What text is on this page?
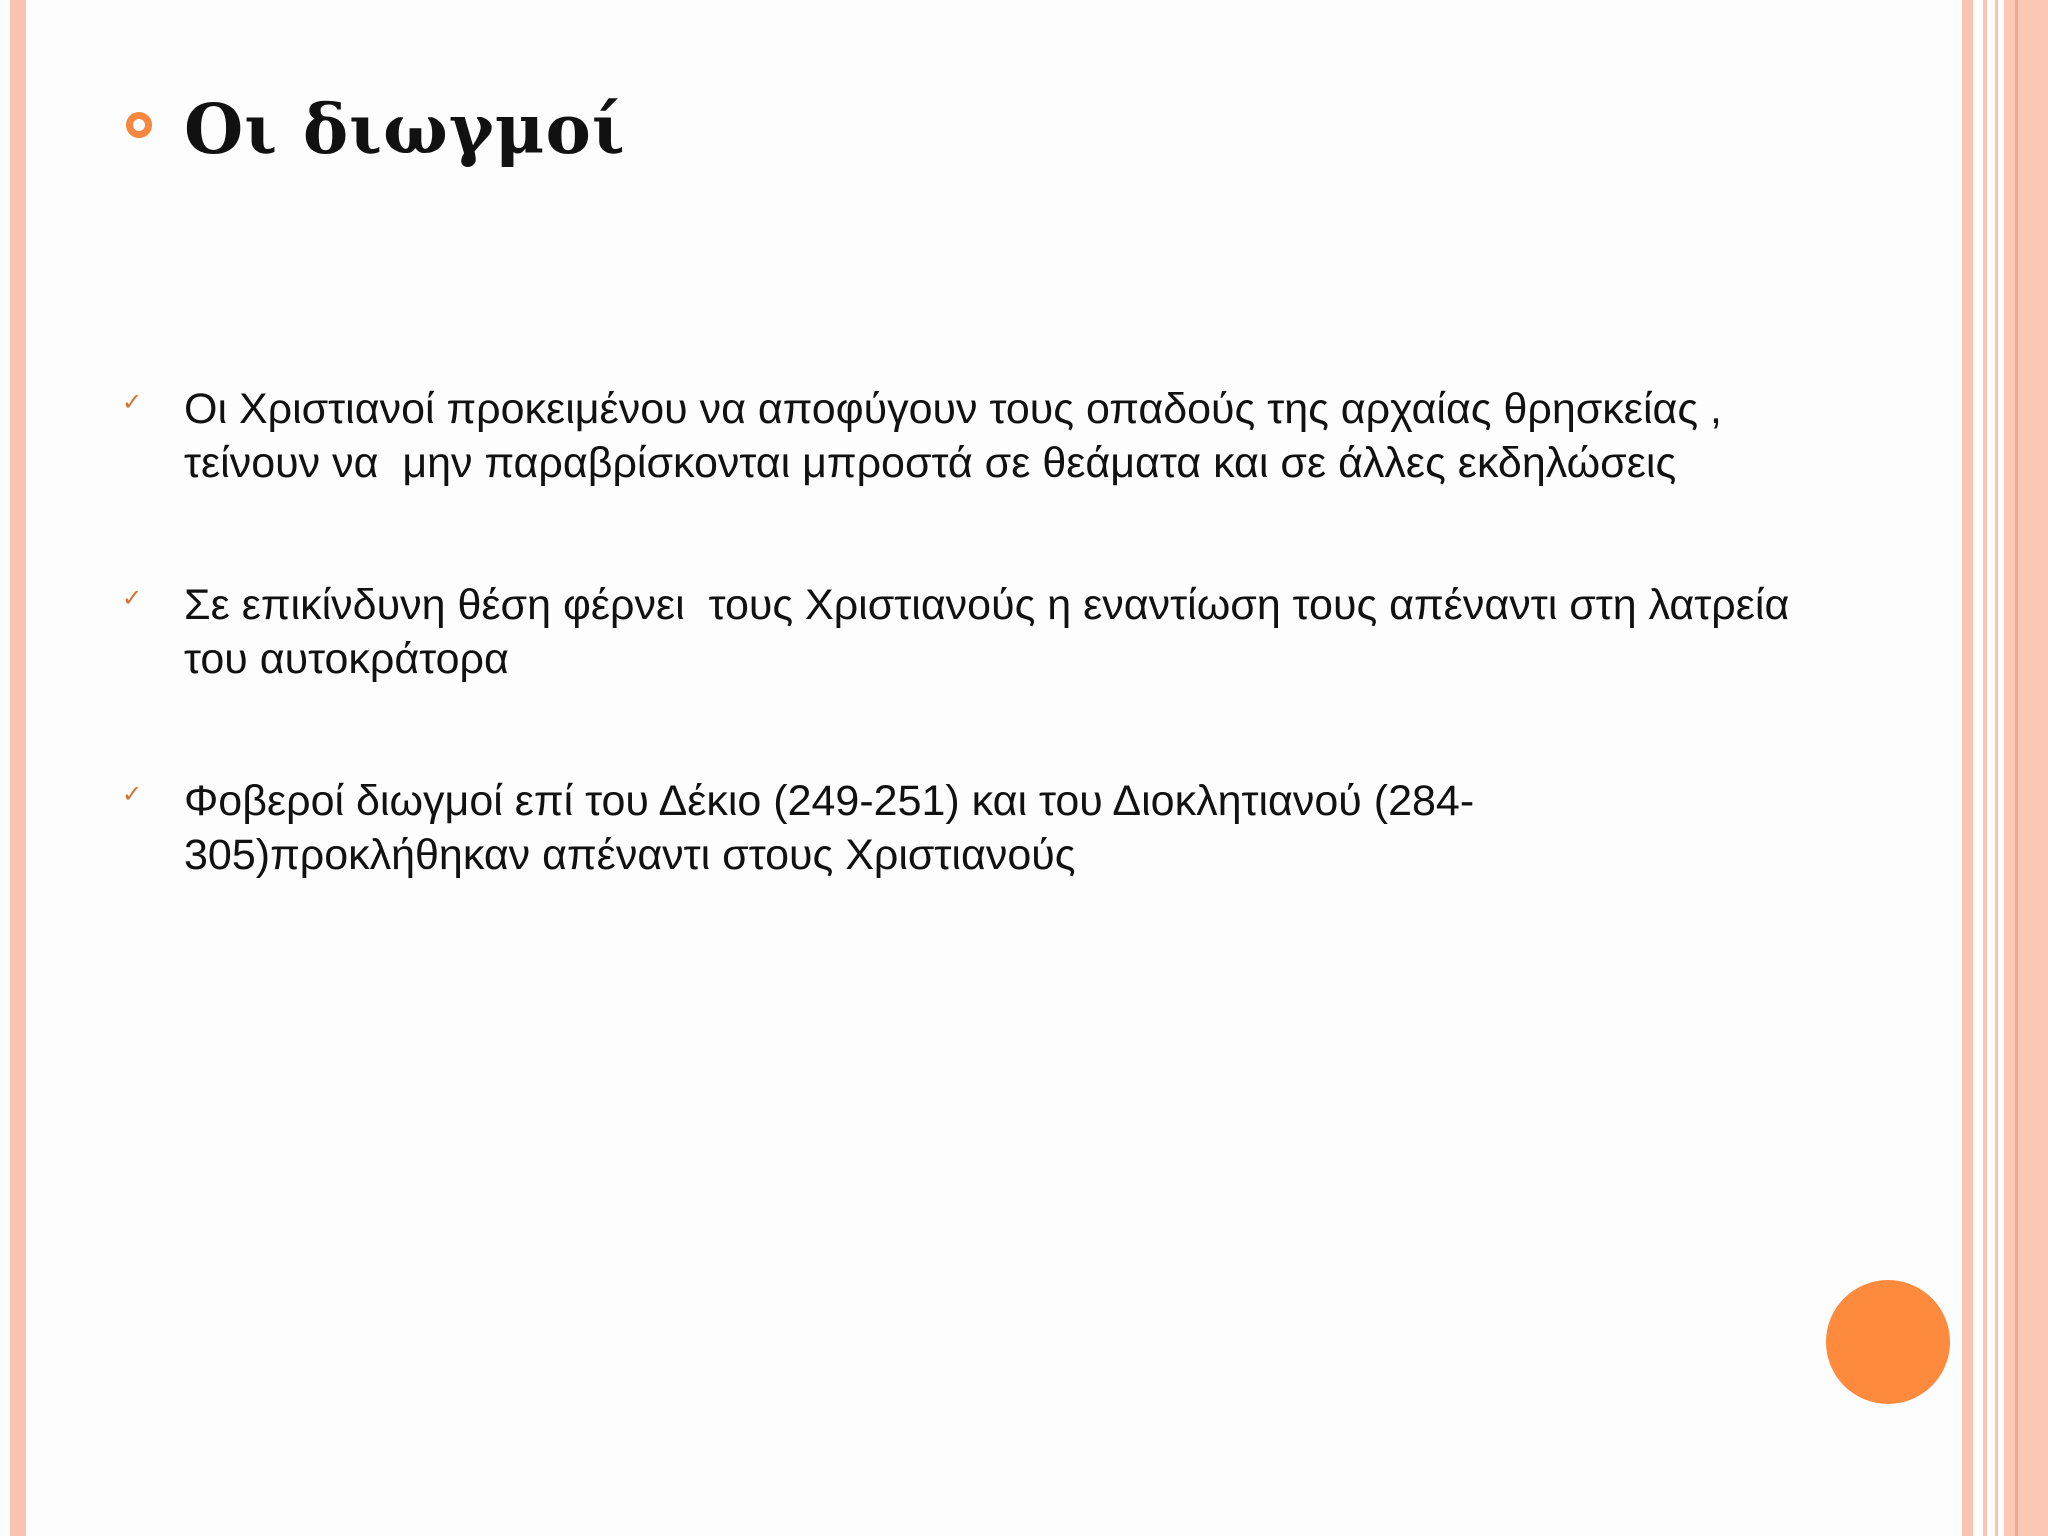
Οι διωγμοί
✓ Οι Χριστιανοί προκειμένου να αποφύγουν τους οπαδούς της αρχαίας θρησκείας ,
τείνουν να  μην παραβρίσκονται μπροστά σε θεάματα και σε άλλες εκδηλώσεις
✓ Σε επικίνδυνη θέση φέρνει  τους Χριστιανούς η εναντίωση τους απέναντι στη λατρεία
του αυτοκράτορα
✓ Φοβεροί διωγμοί επί του Δέκιο (249-251) και του Διοκλητιανού (284-
305)προκλήθηκαν απέναντι στους Χριστιανούς
